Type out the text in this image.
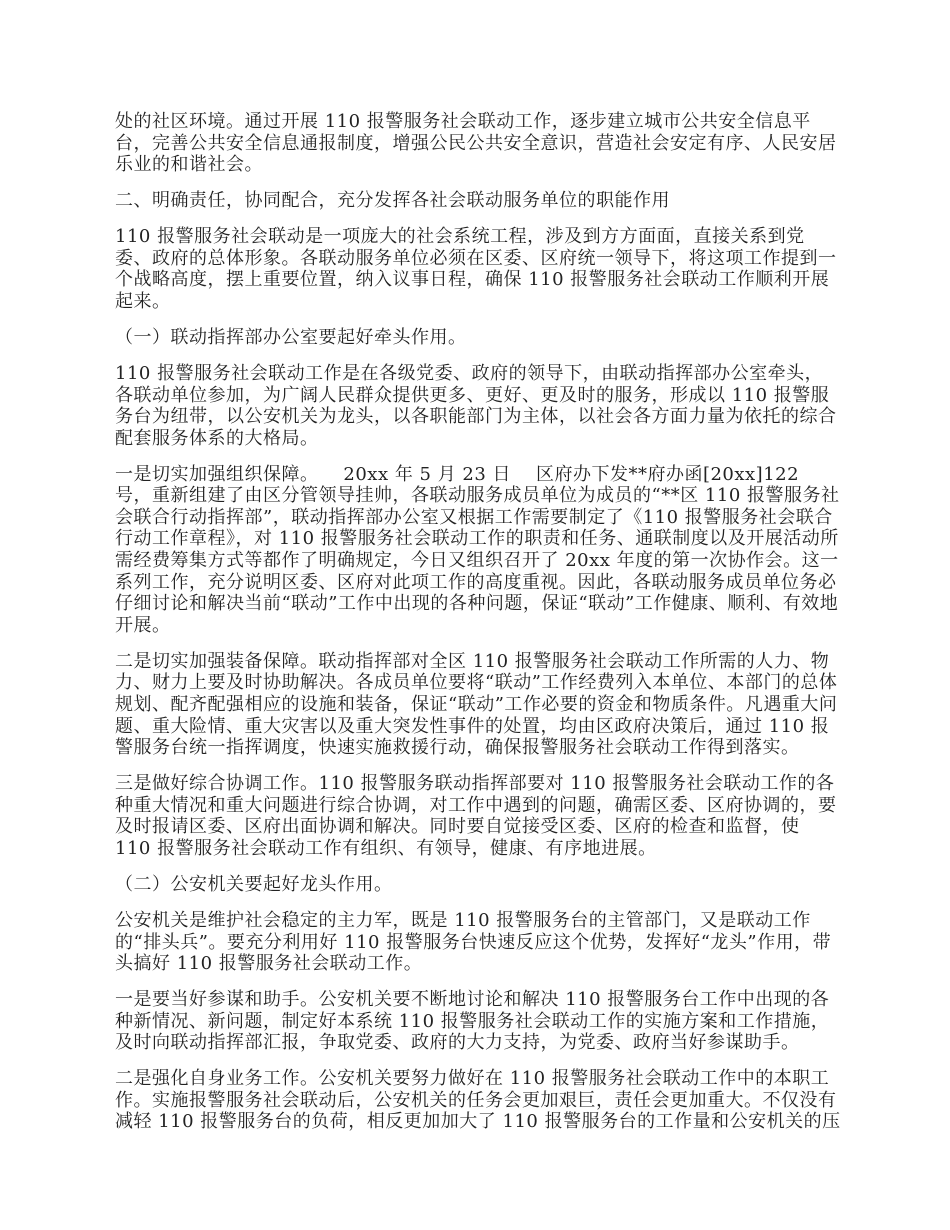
处的社区环境。通过开展 110 报警服务社会联动工作，逐步建立城市公共安全信息平台，完善公共安全信息通报制度，增强公民公共安全意识，营造社会安定有序、人民安居乐业的和谐社会。

二、明确责任，协同配合，充分发挥各社会联动服务单位的职能作用

110 报警服务社会联动是一项庞大的社会系统工程，涉及到方方面面，直接关系到党委、政府的总体形象。各联动服务单位必须在区委、区府统一领导下，将这项工作提到一个战略高度，摆上重要位置，纳入议事日程，确保 110 报警服务社会联动工作顺利开展起来。

（一）联动指挥部办公室要起好牵头作用。

110 报警服务社会联动工作是在各级党委、政府的领导下，由联动指挥部办公室牵头，各联动单位参加，为广阔人民群众提供更多、更好、更及时的服务，形成以 110 报警服务台为纽带，以公安机关为龙头，以各职能部门为主体，以社会各方面力量为依托的综合配套服务体系的大格局。

一是切实加强组织保障。    20xx 年 5 月 23 日    区府办下发**府办函[20xx]122 号，重新组建了由区分管领导挂帅，各联动服务成员单位为成员的“**区 110 报警服务社会联合行动指挥部”，联动指挥部办公室又根据工作需要制定了《110 报警服务社会联合行动工作章程》，对 110 报警服务社会联动工作的职责和任务、通联制度以及开展活动所需经费筹集方式等都作了明确规定，今日又组织召开了 20xx 年度的第一次协作会。这一系列工作，充分说明区委、区府对此项工作的高度重视。因此，各联动服务成员单位务必仔细讨论和解决当前“联动”工作中出现的各种问题，保证“联动”工作健康、顺利、有效地开展。

二是切实加强装备保障。联动指挥部对全区 110 报警服务社会联动工作所需的人力、物力、财力上要及时协助解决。各成员单位要将“联动”工作经费列入本单位、本部门的总体规划、配齐配强相应的设施和装备，保证“联动”工作必要的资金和物质条件。凡遇重大问题、重大险情、重大灾害以及重大突发性事件的处置，均由区政府决策后，通过 110 报警服务台统一指挥调度，快速实施救援行动，确保报警服务社会联动工作得到落实。

三是做好综合协调工作。110 报警服务联动指挥部要对 110 报警服务社会联动工作的各种重大情况和重大问题进行综合协调，对工作中遇到的问题，确需区委、区府协调的，要及时报请区委、区府出面协调和解决。同时要自觉接受区委、区府的检查和监督，使 110 报警服务社会联动工作有组织、有领导，健康、有序地进展。

（二）公安机关要起好龙头作用。

公安机关是维护社会稳定的主力军，既是 110 报警服务台的主管部门，又是联动工作的“排头兵”。要充分利用好 110 报警服务台快速反应这个优势，发挥好“龙头”作用，带头搞好 110 报警服务社会联动工作。

一是要当好参谋和助手。公安机关要不断地讨论和解决 110 报警服务台工作中出现的各种新情况、新问题，制定好本系统 110 报警服务社会联动工作的实施方案和工作措施，及时向联动指挥部汇报，争取党委、政府的大力支持，为党委、政府当好参谋助手。

二是强化自身业务工作。公安机关要努力做好在 110 报警服务社会联动工作中的本职工作。实施报警服务社会联动后，公安机关的任务会更加艰巨，责任会更加重大。不仅没有减轻 110 报警服务台的负荷，相反更加加大了 110 报警服务台的工作量和公安机关的压
